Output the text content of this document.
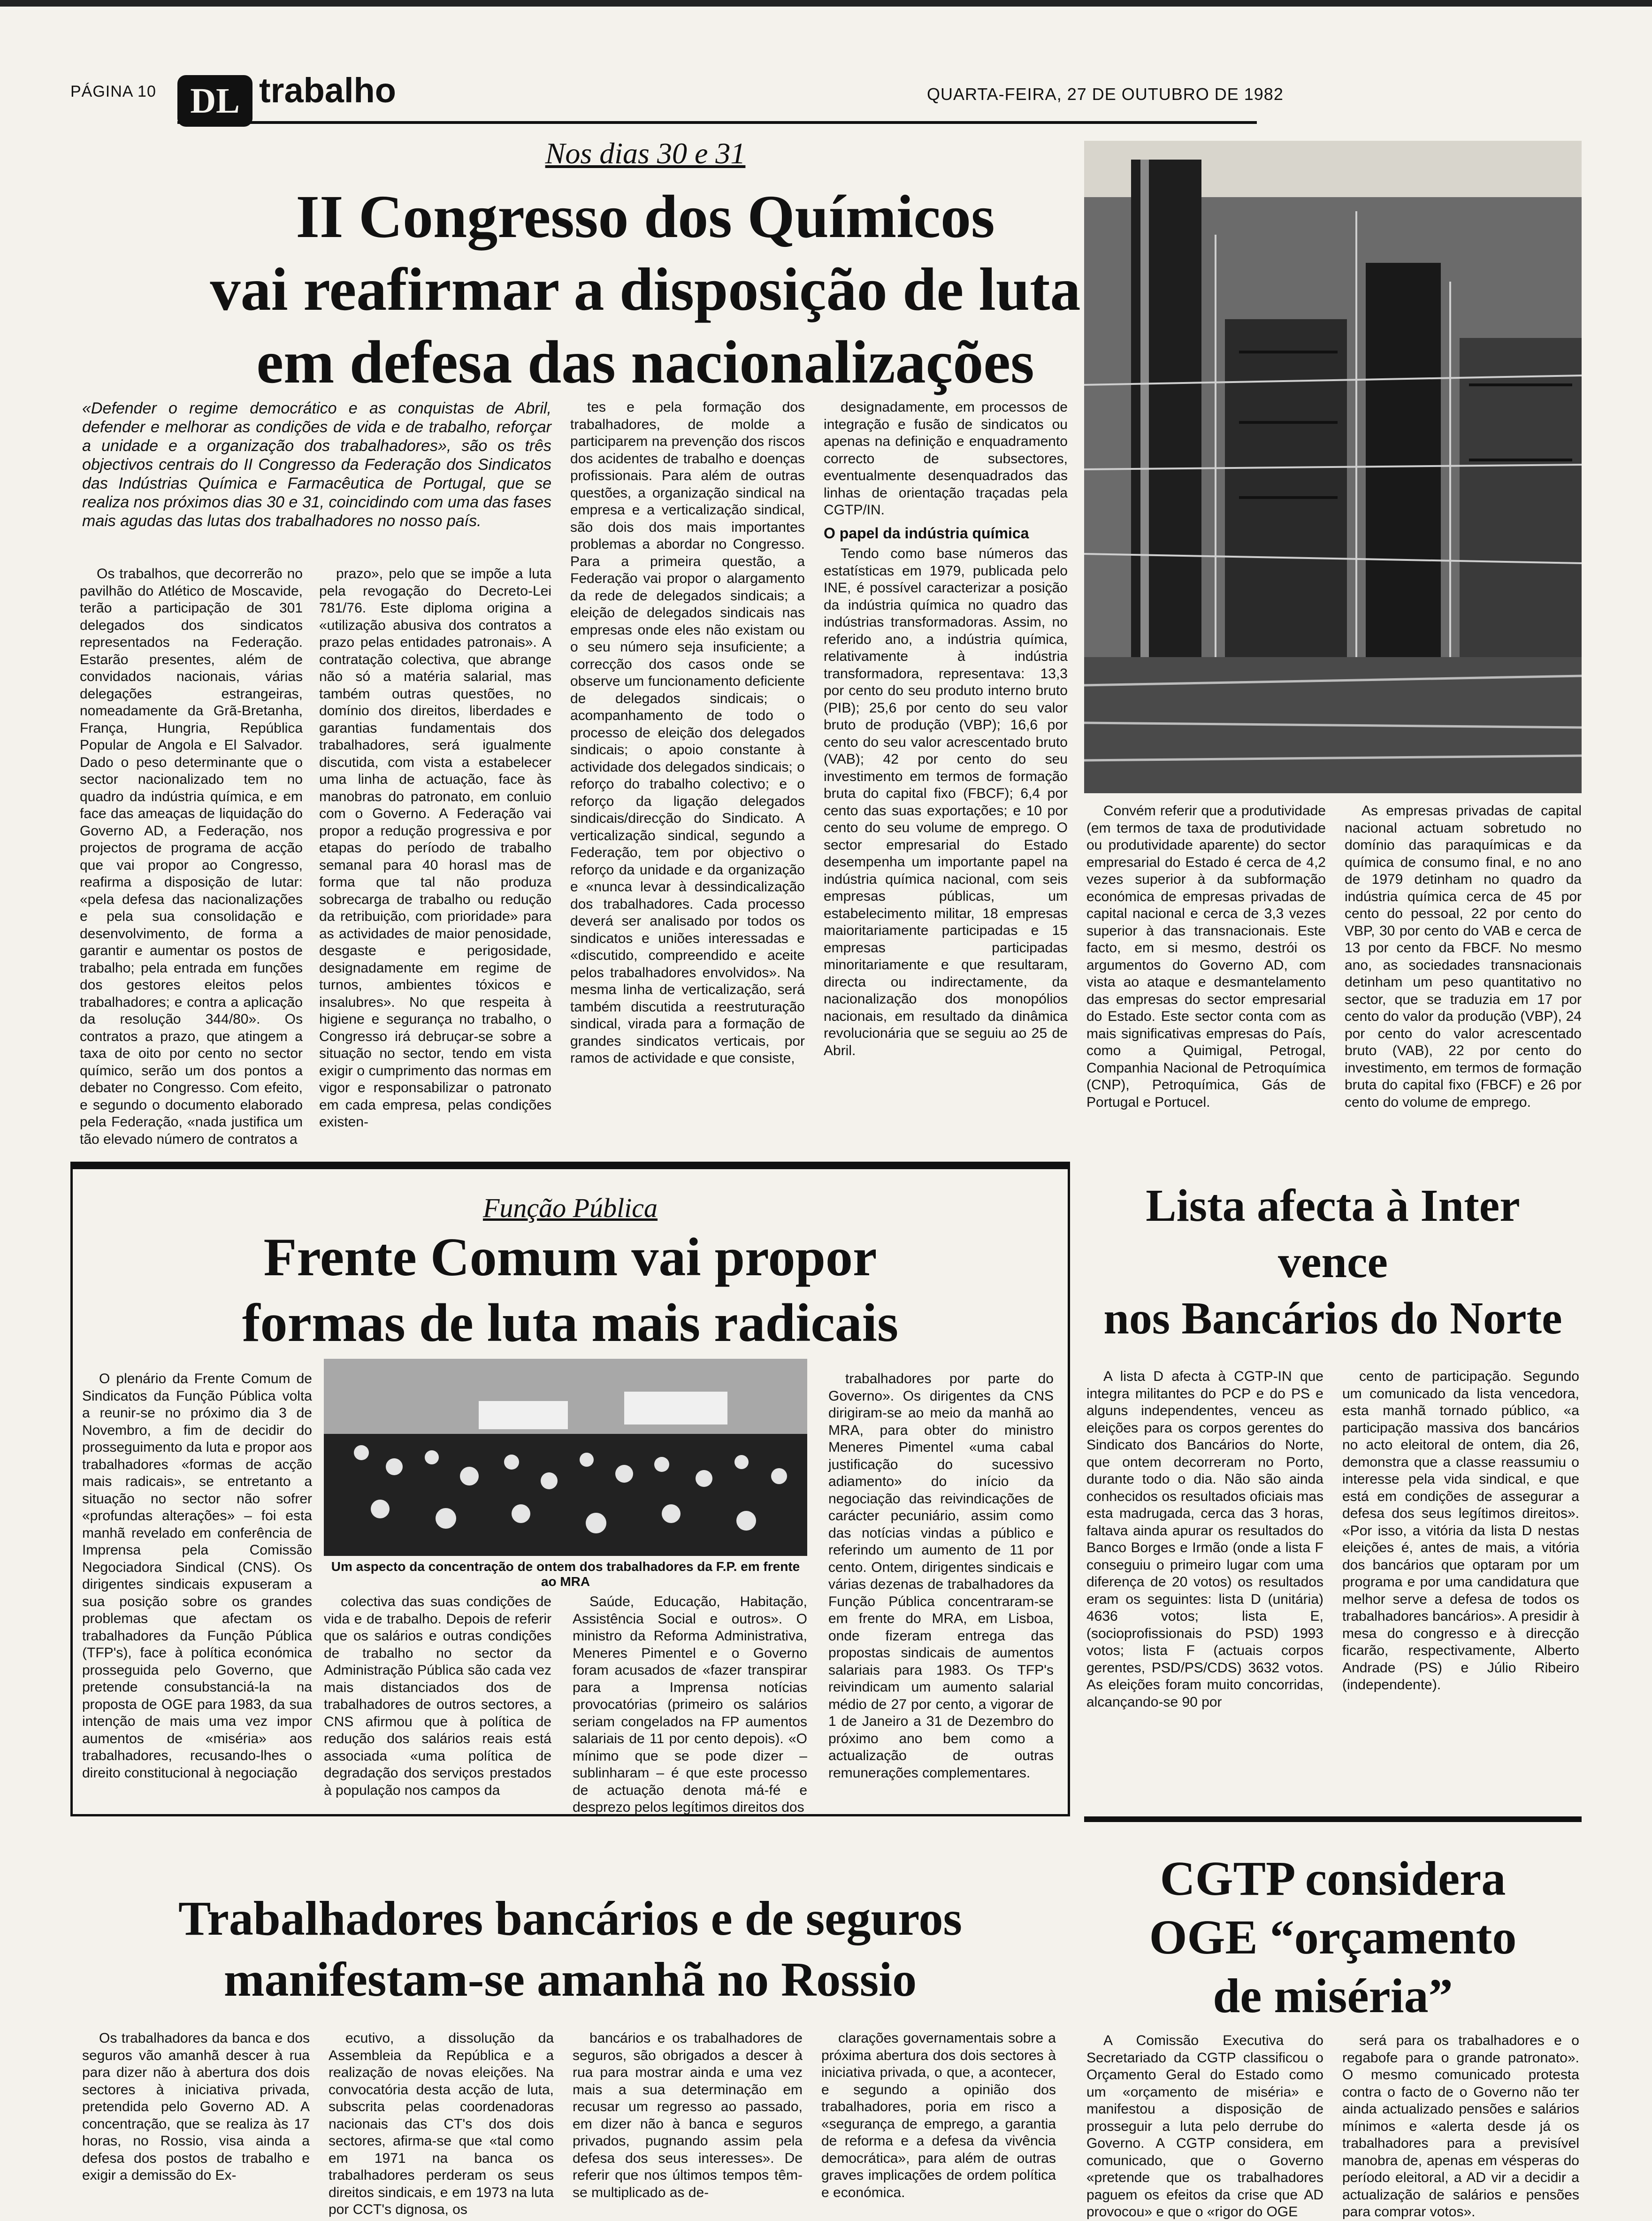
PÁGINA 10 DL trabalho	QUARTA-FEIRA, 27 DE OUTUBRO DE 1982
Nos dias 30 e 31
II Congresso dos Químicos
vai reafirmar a disposição de luta
em defesa das nacionalizações
«Defender o regime democrático e as conquistas de Abril, defender e melhorar as condições de vida e de trabalho, reforçar a unidade e a organização dos trabalhadores», são os três objectivos centrais do II Congresso da Federação dos Sindicatos das Indústrias Química e Farmacêutica de Portugal, que se realiza nos próximos dias 30 e 31, coincidindo com uma das fases mais agudas das lutas dos trabalhadores no nosso país.

Os trabalhos, que decorrerão no pavilhão do Atlético de Moscavide, terão a participação de 301 delegados dos sindicatos representados na Federação. Estarão presentes, além de convidados nacionais, várias delegações estrangeiras, nomeadamente da Grã-Bretanha, França, Hungria, República Popular de Angola e El Salvador. Dado o peso determinante que o sector nacionalizado tem no quadro da indústria química, e em face das ameaças de liquidação do Governo AD, a Federação, nos projectos de programa de acção que vai propor ao Congresso, reafirma a disposição de lutar: «pela defesa das nacionalizações e pela sua consolidação e desenvolvimento, de forma a garantir e aumentar os postos de trabalho; pela entrada em funções dos gestores eleitos pelos trabalhadores; e contra a aplicação da resolução 344/80». Os contratos a prazo, que atingem a taxa de oito por cento no sector químico, serão um dos pontos a debater no Congresso. Com efeito, e segundo o documento elaborado pela Federação, «nada justifica um tão elevado número de contratos a

prazo», pelo que se impõe a luta pela revogação do Decreto-Lei 781/76. Este diploma origina a «utilização abusiva dos contratos a prazo pelas entidades patronais». A contratação colectiva, que abrange não só a matéria salarial, mas também outras questões, no domínio dos direitos, liberdades e garantias fundamentais dos trabalhadores, será igualmente discutida, com vista a estabelecer uma linha de actuação, face às manobras do patronato, em conluio com o Governo. A Federação vai propor a redução progressiva e por etapas do período de trabalho semanal para 40 horasl mas de forma que tal não produza sobrecarga de trabalho ou redução da retribuição, com prioridade» para as actividades de maior penosidade, desgaste e perigosidade, designadamente em regime de turnos, ambientes tóxicos e insalubres». No que respeita à higiene e segurança no trabalho, o Congresso irá debruçar-se sobre a situação no sector, tendo em vista exigir o cumprimento das normas em vigor e responsabilizar o patronato em cada empresa, pelas condições existen-

tes e pela formação dos trabalhadores, de molde a participarem na prevenção dos riscos dos acidentes de trabalho e doenças profissionais. Para além de outras questões, a organização sindical na empresa e a verticalização sindical, são dois dos mais importantes problemas a abordar no Congresso. Para a primeira questão, a Federação vai propor o alargamento da rede de delegados sindicais; a eleição de delegados sindicais nas empresas onde eles não existam ou o seu número seja insuficiente; a correcção dos casos onde se observe um funcionamento deficiente de delegados sindicais; o acompanhamento de todo o processo de eleição dos delegados sindicais; o apoio constante à actividade dos delegados sindicais; o reforço do trabalho colectivo; e o reforço da ligação delegados sindicais/direcção do Sindicato. A verticalização sindical, segundo a Federação, tem por objectivo o reforço da unidade e da organização e «nunca levar à dessindicalização dos trabalhadores. Cada processo deverá ser analisado por todos os sindicatos e uniões interessadas e «discutido, compreendido e aceite pelos trabalhadores envolvidos». Na mesma linha de verticalização, será também discutida a reestruturação sindical, virada para a formação de grandes sindicatos verticais, por ramos de actividade e que consiste,

designadamente, em processos de integração e fusão de sindicatos ou apenas na definição e enquadramento correcto de subsectores, eventualmente desenquadrados das linhas de orientação traçadas pela CGTP/IN.

O papel da indústria química

Tendo como base números das estatísticas em 1979, publicada pelo INE, é possível caracterizar a posição da indústria química no quadro das indústrias transformadoras. Assim, no referido ano, a indústria química, relativamente à indústria transformadora, representava: 13,3 por cento do seu produto interno bruto (PIB); 25,6 por cento do seu valor bruto de produção (VBP); 16,6 por cento do seu valor acrescentado bruto (VAB); 42 por cento do seu investimento em termos de formação bruta do capital fixo (FBCF); 6,4 por cento das suas exportações; e 10 por cento do seu volume de emprego. O sector empresarial do Estado desempenha um importante papel na indústria química nacional, com seis empresas públicas, um estabelecimento militar, 18 empresas maioritariamente participadas e 15 empresas participadas minoritariamente e que resultaram, directa ou indirectamente, da nacionalização dos monopólios nacionais, em resultado da dinâmica revolucionária que se seguiu ao 25 de Abril.

Convém referir que a produtividade (em termos de taxa de produtividade ou produtividade aparente) do sector empresarial do Estado é cerca de 4,2 vezes superior à da subformação económica de empresas privadas de capital nacional e cerca de 3,3 vezes superior à das transnacionais. Este facto, em si mesmo, destrói os argumentos do Governo AD, com vista ao ataque e desmantelamento das empresas do sector empresarial do Estado. Este sector conta com as mais significativas empresas do País, como a Quimigal, Petrogal, Companhia Nacional de Petroquímica (CNP), Petroquímica, Gás de Portugal e Portucel.

As empresas privadas de capital nacional actuam sobretudo no domínio das paraquímicas e da química de consumo final, e no ano de 1979 detinham no quadro da indústria química cerca de 45 por cento do pessoal, 22 por cento do VBP, 30 por cento do VAB e cerca de 13 por cento da FBCF. No mesmo ano, as sociedades transnacionais detinham um peso quantitativo no sector, que se traduzia em 17 por cento do valor da produção (VBP), 24 por cento do valor acrescentado bruto (VAB), 22 por cento do investimento, em termos de formação bruta do capital fixo (FBCF) e 26 por cento do volume de emprego.

Função Pública
Frente Comum vai propor
formas de luta mais radicais

O plenário da Frente Comum de Sindicatos da Função Pública volta a reunir-se no próximo dia 3 de Novembro, a fim de decidir do prosseguimento da luta e propor aos trabalhadores «formas de acção mais radicais», se entretanto a situação no sector não sofrer «profundas alterações» – foi esta manhã revelado em conferência de Imprensa pela Comissão Negociadora Sindical (CNS). Os dirigentes sindicais expuseram a sua posição sobre os grandes problemas que afectam os trabalhadores da Função Pública (TFP's), face à política económica prosseguida pelo Governo, que pretende consubstanciá-la na proposta de OGE para 1983, da sua intenção de mais uma vez impor aumentos de «miséria» aos trabalhadores, recusando-lhes o direito constitucional à negociação

Um aspecto da concentração de ontem dos trabalhadores da F.P. em frente ao MRA

colectiva das suas condições de vida e de trabalho. Depois de referir que os salários e outras condições de trabalho no sector da Administração Pública são cada vez mais distanciados dos de trabalhadores de outros sectores, a CNS afirmou que à política de redução dos salários reais está associada «uma política de degradação dos serviços prestados à população nos campos da

Saúde, Educação, Habitação, Assistência Social e outros». O ministro da Reforma Administrativa, Meneres Pimentel e o Governo foram acusados de «fazer transpirar para a Imprensa notícias provocatórias (primeiro os salários seriam congelados na FP aumentos salariais de 11 por cento depois). «O mínimo que se pode dizer – sublinharam – é que este processo de actuação denota má-fé e desprezo pelos legítimos direitos dos

trabalhadores por parte do Governo». Os dirigentes da CNS dirigiram-se ao meio da manhã ao MRA, para obter do ministro Meneres Pimentel «uma cabal justificação do sucessivo adiamento» do início da negociação das reivindicações de carácter pecuniário, assim como das notícias vindas a público e referindo um aumento de 11 por cento. Ontem, dirigentes sindicais e várias dezenas de trabalhadores da Função Pública concentraram-se em frente do MRA, em Lisboa, onde fizeram entrega das propostas sindicais de aumentos salariais para 1983. Os TFP's reivindicam um aumento salarial médio de 27 por cento, a vigorar de 1 de Janeiro a 31 de Dezembro do próximo ano bem como a actualização de outras remunerações complementares.

Lista afecta à Inter
vence
nos Bancários do Norte

A lista D afecta à CGTP-IN que integra militantes do PCP e do PS e alguns independentes, venceu as eleições para os corpos gerentes do Sindicato dos Bancários do Norte, que ontem decorreram no Porto, durante todo o dia. Não são ainda conhecidos os resultados oficiais mas esta madrugada, cerca das 3 horas, faltava ainda apurar os resultados do Banco Borges e Irmão (onde a lista F conseguiu o primeiro lugar com uma diferença de 20 votos) os resultados eram os seguintes: lista D (unitária) 4636 votos; lista E, (socioprofissionais do PSD) 1993 votos; lista F (actuais corpos gerentes, PSD/PS/CDS) 3632 votos. As eleições foram muito concorridas, alcançando-se 90 por

cento de participação. Segundo um comunicado da lista vencedora, esta manhã tornado público, «a participação massiva dos bancários no acto eleitoral de ontem, dia 26, demonstra que a classe reassumiu o interesse pela vida sindical, e que está em condições de assegurar a defesa dos seus legítimos direitos». «Por isso, a vitória da lista D nestas eleições é, antes de mais, a vitória dos bancários que optaram por um programa e por uma candidatura que melhor serve a defesa de todos os trabalhadores bancários». A presidir à mesa do congresso e à direcção ficarão, respectivamente, Alberto Andrade (PS) e Júlio Ribeiro (independente).

CGTP considera
OGE “orçamento
de miséria”

A Comissão Executiva do Secretariado da CGTP classificou o Orçamento Geral do Estado como um «orçamento de miséria» e manifestou a disposição de prosseguir a luta pelo derrube do Governo. A CGTP considera, em comunicado, que o Governo «pretende que os trabalhadores paguem os efeitos da crise que AD provocou» e que o «rigor do OGE

será para os trabalhadores e o regabofe para o grande patronato». O mesmo comunicado protesta contra o facto de o Governo não ter ainda actualizado pensões e salários mínimos e «alerta desde já os trabalhadores para a previsível manobra de, apenas em vésperas do período eleitoral, a AD vir a decidir a actualização de salários e pensões para comprar votos».

Trabalhadores bancários e de seguros
manifestam-se amanhã no Rossio

Os trabalhadores da banca e dos seguros vão amanhã descer à rua para dizer não à abertura dos dois sectores à iniciativa privada, pretendida pelo Governo AD. A concentração, que se realiza às 17 horas, no Rossio, visa ainda a defesa dos postos de trabalho e exigir a demissão do Ex-

ecutivo, a dissolução da Assembleia da República e a realização de novas eleições. Na convocatória desta acção de luta, subscrita pelas coordenadoras nacionais das CT's dos dois sectores, afirma-se que «tal como em 1971 na banca os trabalhadores perderam os seus direitos sindicais, e em 1973 na luta por CCT's dignosa, os

bancários e os trabalhadores de seguros, são obrigados a descer à rua para mostrar ainda e uma vez mais a sua determinação em recusar um regresso ao passado, em dizer não à banca e seguros privados, pugnando assim pela defesa dos seus interesses». De referir que nos últimos tempos têm-se multiplicado as de-

clarações governamentais sobre a próxima abertura dos dois sectores à iniciativa privada, o que, a acontecer, e segundo a opinião dos trabalhadores, poria em risco a «segurança de emprego, a garantia de reforma e a defesa da vivência democrática», para além de outras graves implicações de ordem política e económica.
